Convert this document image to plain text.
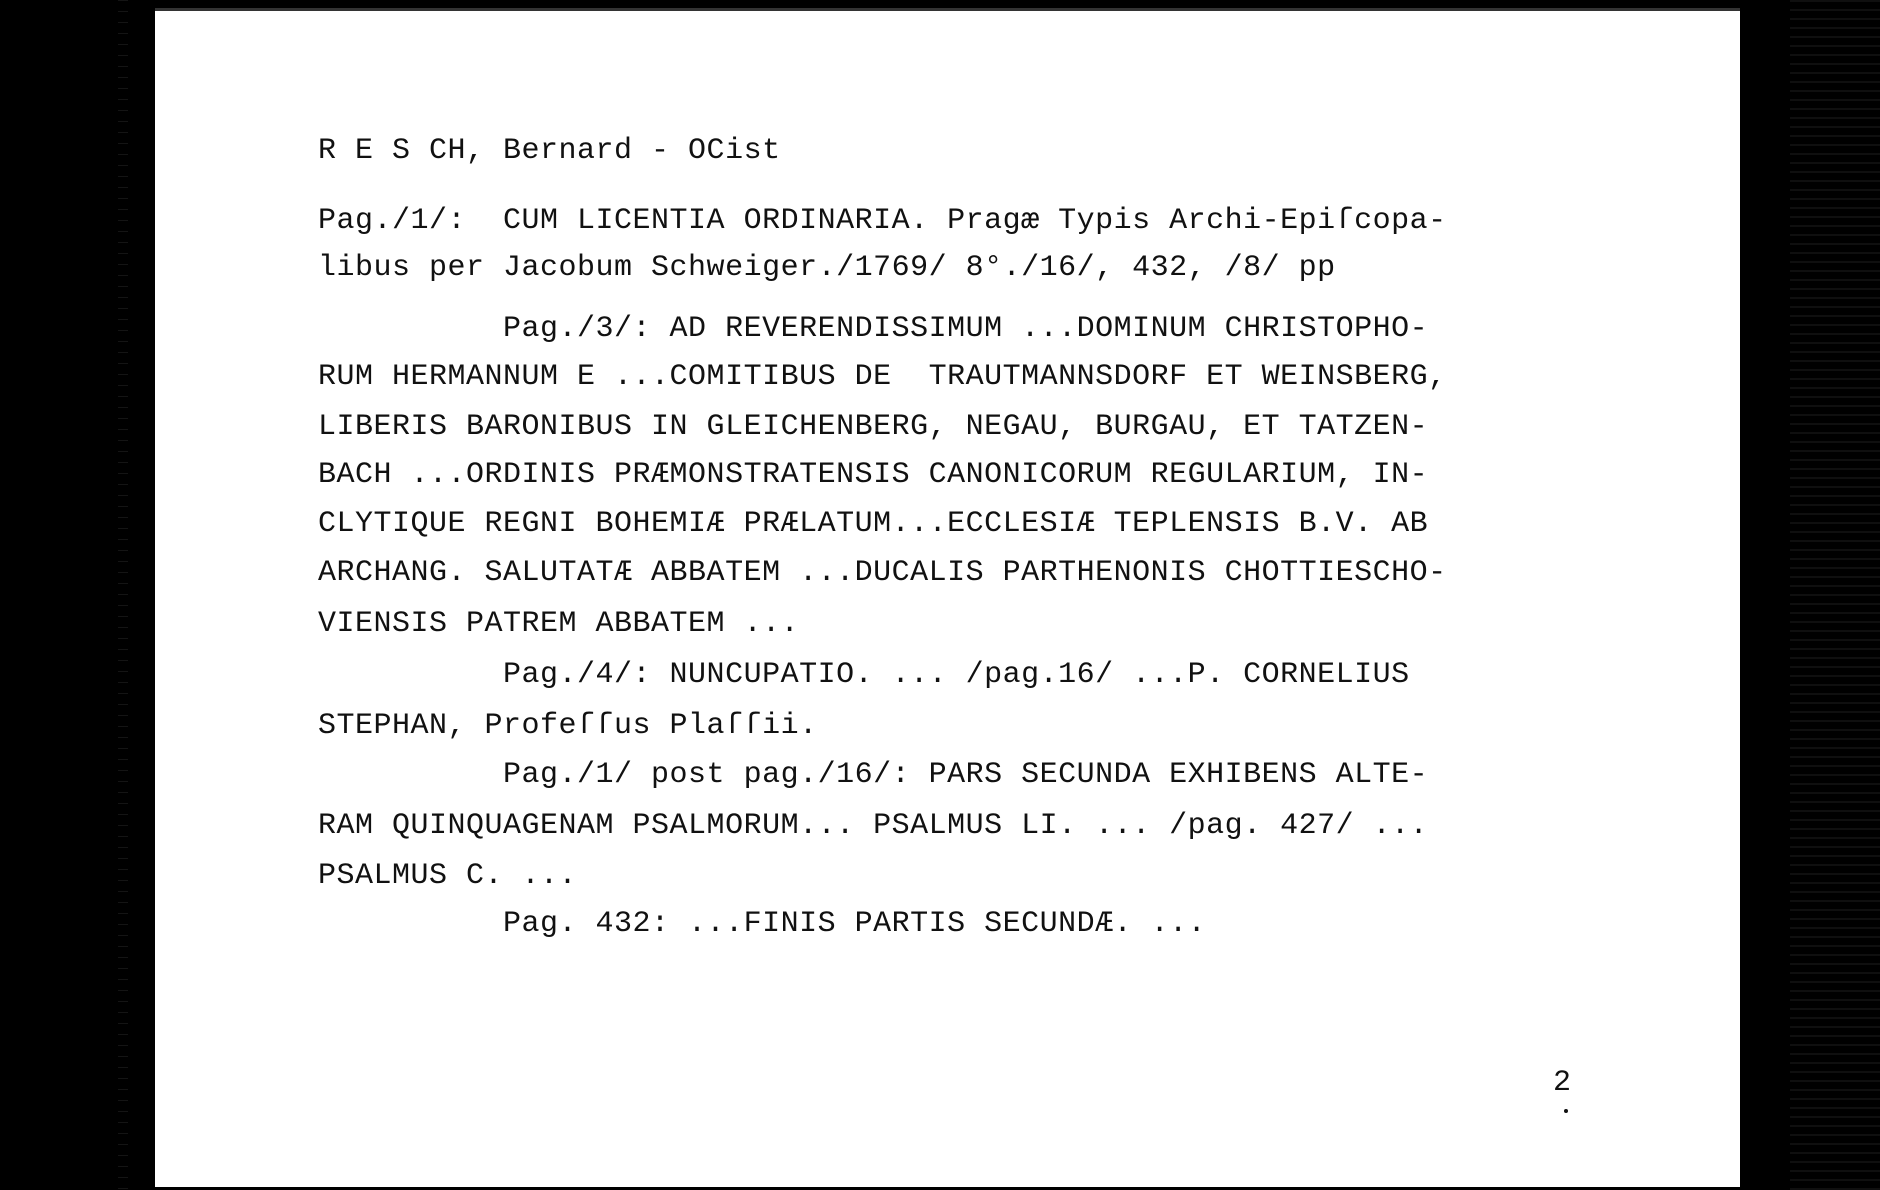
R E S CH, Bernard - OCist
Pag./1/:  CUM LICENTIA ORDINARIA. Pragæ Typis Archi-Epiſcopa-
libus per Jacobum Schweiger./1769/ 8°./16/, 432, /8/ pp
Pag./3/: AD REVERENDISSIMUM ...DOMINUM CHRISTOPHO-
RUM HERMANNUM E ...COMITIBUS DE  TRAUTMANNSDORF ET WEINSBERG,
LIBERIS BARONIBUS IN GLEICHENBERG, NEGAU, BURGAU, ET TATZEN-
BACH ...ORDINIS PRÆMONSTRATENSIS CANONICORUM REGULARIUM, IN-
CLYTIQUE REGNI BOHEMIÆ PRÆLATUM...ECCLESIÆ TEPLENSIS B.V. AB
ARCHANG. SALUTATÆ ABBATEM ...DUCALIS PARTHENONIS CHOTTIESCHO-
VIENSIS PATREM ABBATEM ...
Pag./4/: NUNCUPATIO. ... /pag.16/ ...P. CORNELIUS
STEPHAN, Profeſſus Plaſſii.
Pag./1/ post pag./16/: PARS SECUNDA EXHIBENS ALTE-
RAM QUINQUAGENAM PSALMORUM... PSALMUS LI. ... /pag. 427/ ...
PSALMUS C. ...
Pag. 432: ...FINIS PARTIS SECUNDÆ. ...
2
